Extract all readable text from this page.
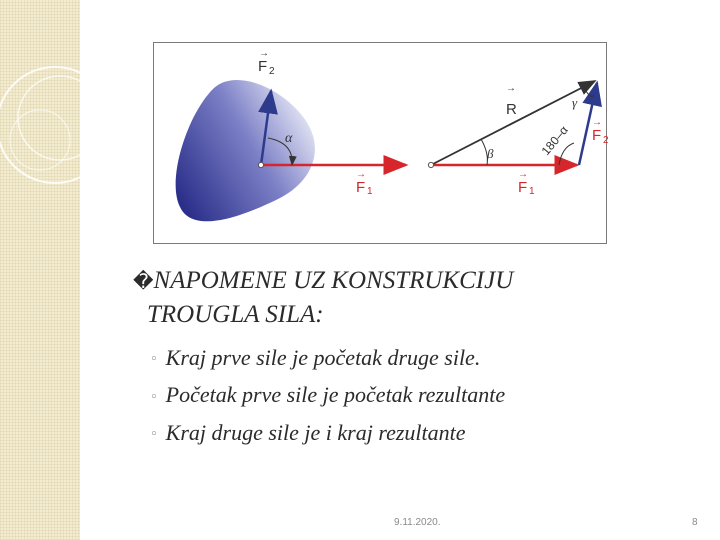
→
F 2
α
→
F 1
→
R	γ
β	180–α
→
F 2
→
F 1
�NAPOMENE UZ KONSTRUKCIJU
TROUGLA SILA:
◦ Kraj prve sile je početak druge sile.
◦ Početak prve sile je početak rezultante
◦ Kraj druge sile je i kraj rezultante
9.11.2020.	8
